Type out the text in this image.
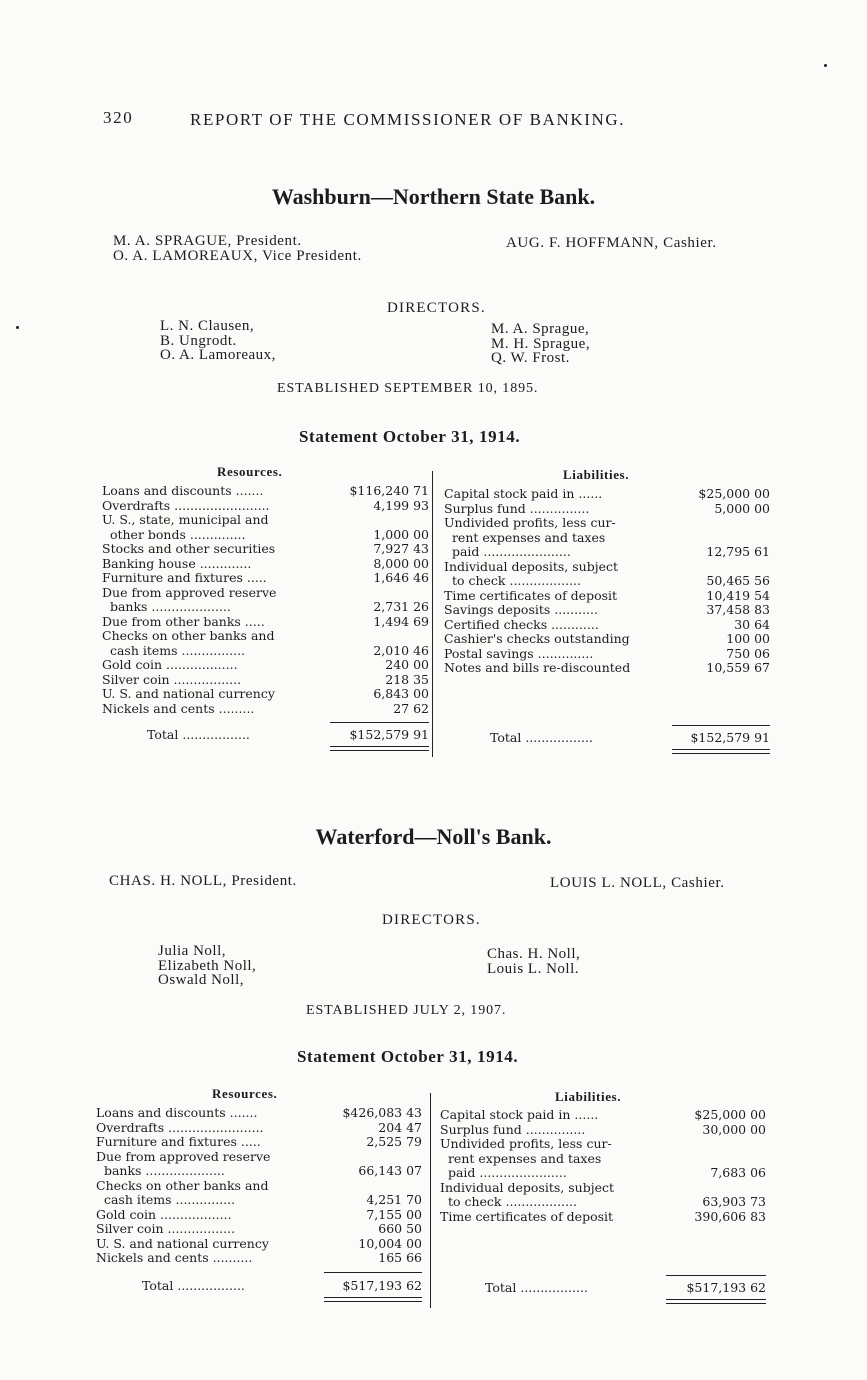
320	REPORT OF THE COMMISSIONER OF BANKING.
Washburn—Northern State Bank.
M. A. SPRAGUE, President.
O. A. LAMOREAUX, Vice President.
AUG. F. HOFFMANN, Cashier.
DIRECTORS.
L. N. Clausen,
B. Ungrodt.
O. A. Lamoreaux,
M. A. Sprague,
M. H. Sprague,
Q. W. Frost.
ESTABLISHED SEPTEMBER 10, 1895.
Statement October 31, 1914.
Resources.	Liabilities.
Loans and discounts .......	$116,240 71
Overdrafts ........................	4,199 93
U. S., state, municipal and
other bonds ..............	1,000 00
Stocks and other securities	7,927 43
Banking house .............	8,000 00
Furniture and fixtures .....	1,646 46
Due from approved reserve
banks ....................	2,731 26
Due from other banks .....	1,494 69
Checks on other banks and
cash items ................	2,010 46
Gold coin ..................	240 00
Silver coin .................	218 35
U. S. and national currency	6,843 00
Nickels and cents .........	27 62
Capital stock paid in ......	$25,000 00
Surplus fund ...............	5,000 00
Undivided profits, less cur-
rent expenses and taxes
paid ......................	12,795 61
Individual deposits, subject
to check ..................	50,465 56
Time certificates of deposit	10,419 54
Savings deposits ...........	37,458 83
Certified checks ............	30 64
Cashier's checks outstanding	100 00
Postal savings ..............	750 06
Notes and bills re-discounted	10,559 67
Total .................	$152,579 91	Total .................	$152,579 91
Waterford—Noll's Bank.
CHAS. H. NOLL, President.	LOUIS L. NOLL, Cashier.
DIRECTORS.
Julia Noll,
Elizabeth Noll,
Oswald Noll,
Chas. H. Noll,
Louis L. Noll.
ESTABLISHED JULY 2, 1907.
Statement October 31, 1914.
Resources.	Liabilities.
Loans and discounts .......	$426,083 43
Overdrafts ........................	204 47
Furniture and fixtures .....	2,525 79
Due from approved reserve
banks ....................	66,143 07
Checks on other banks and
cash items ...............	4,251 70
Gold coin ..................	7,155 00
Silver coin .................	660 50
U. S. and national currency	10,004 00
Nickels and cents ..........	165 66
Capital stock paid in ......	$25,000 00
Surplus fund ...............	30,000 00
Undivided profits, less cur-
rent expenses and taxes
paid ......................	7,683 06
Individual deposits, subject
to check ..................	63,903 73
Time certificates of deposit	390,606 83
Total .................	$517,193 62	Total .................	$517,193 62
